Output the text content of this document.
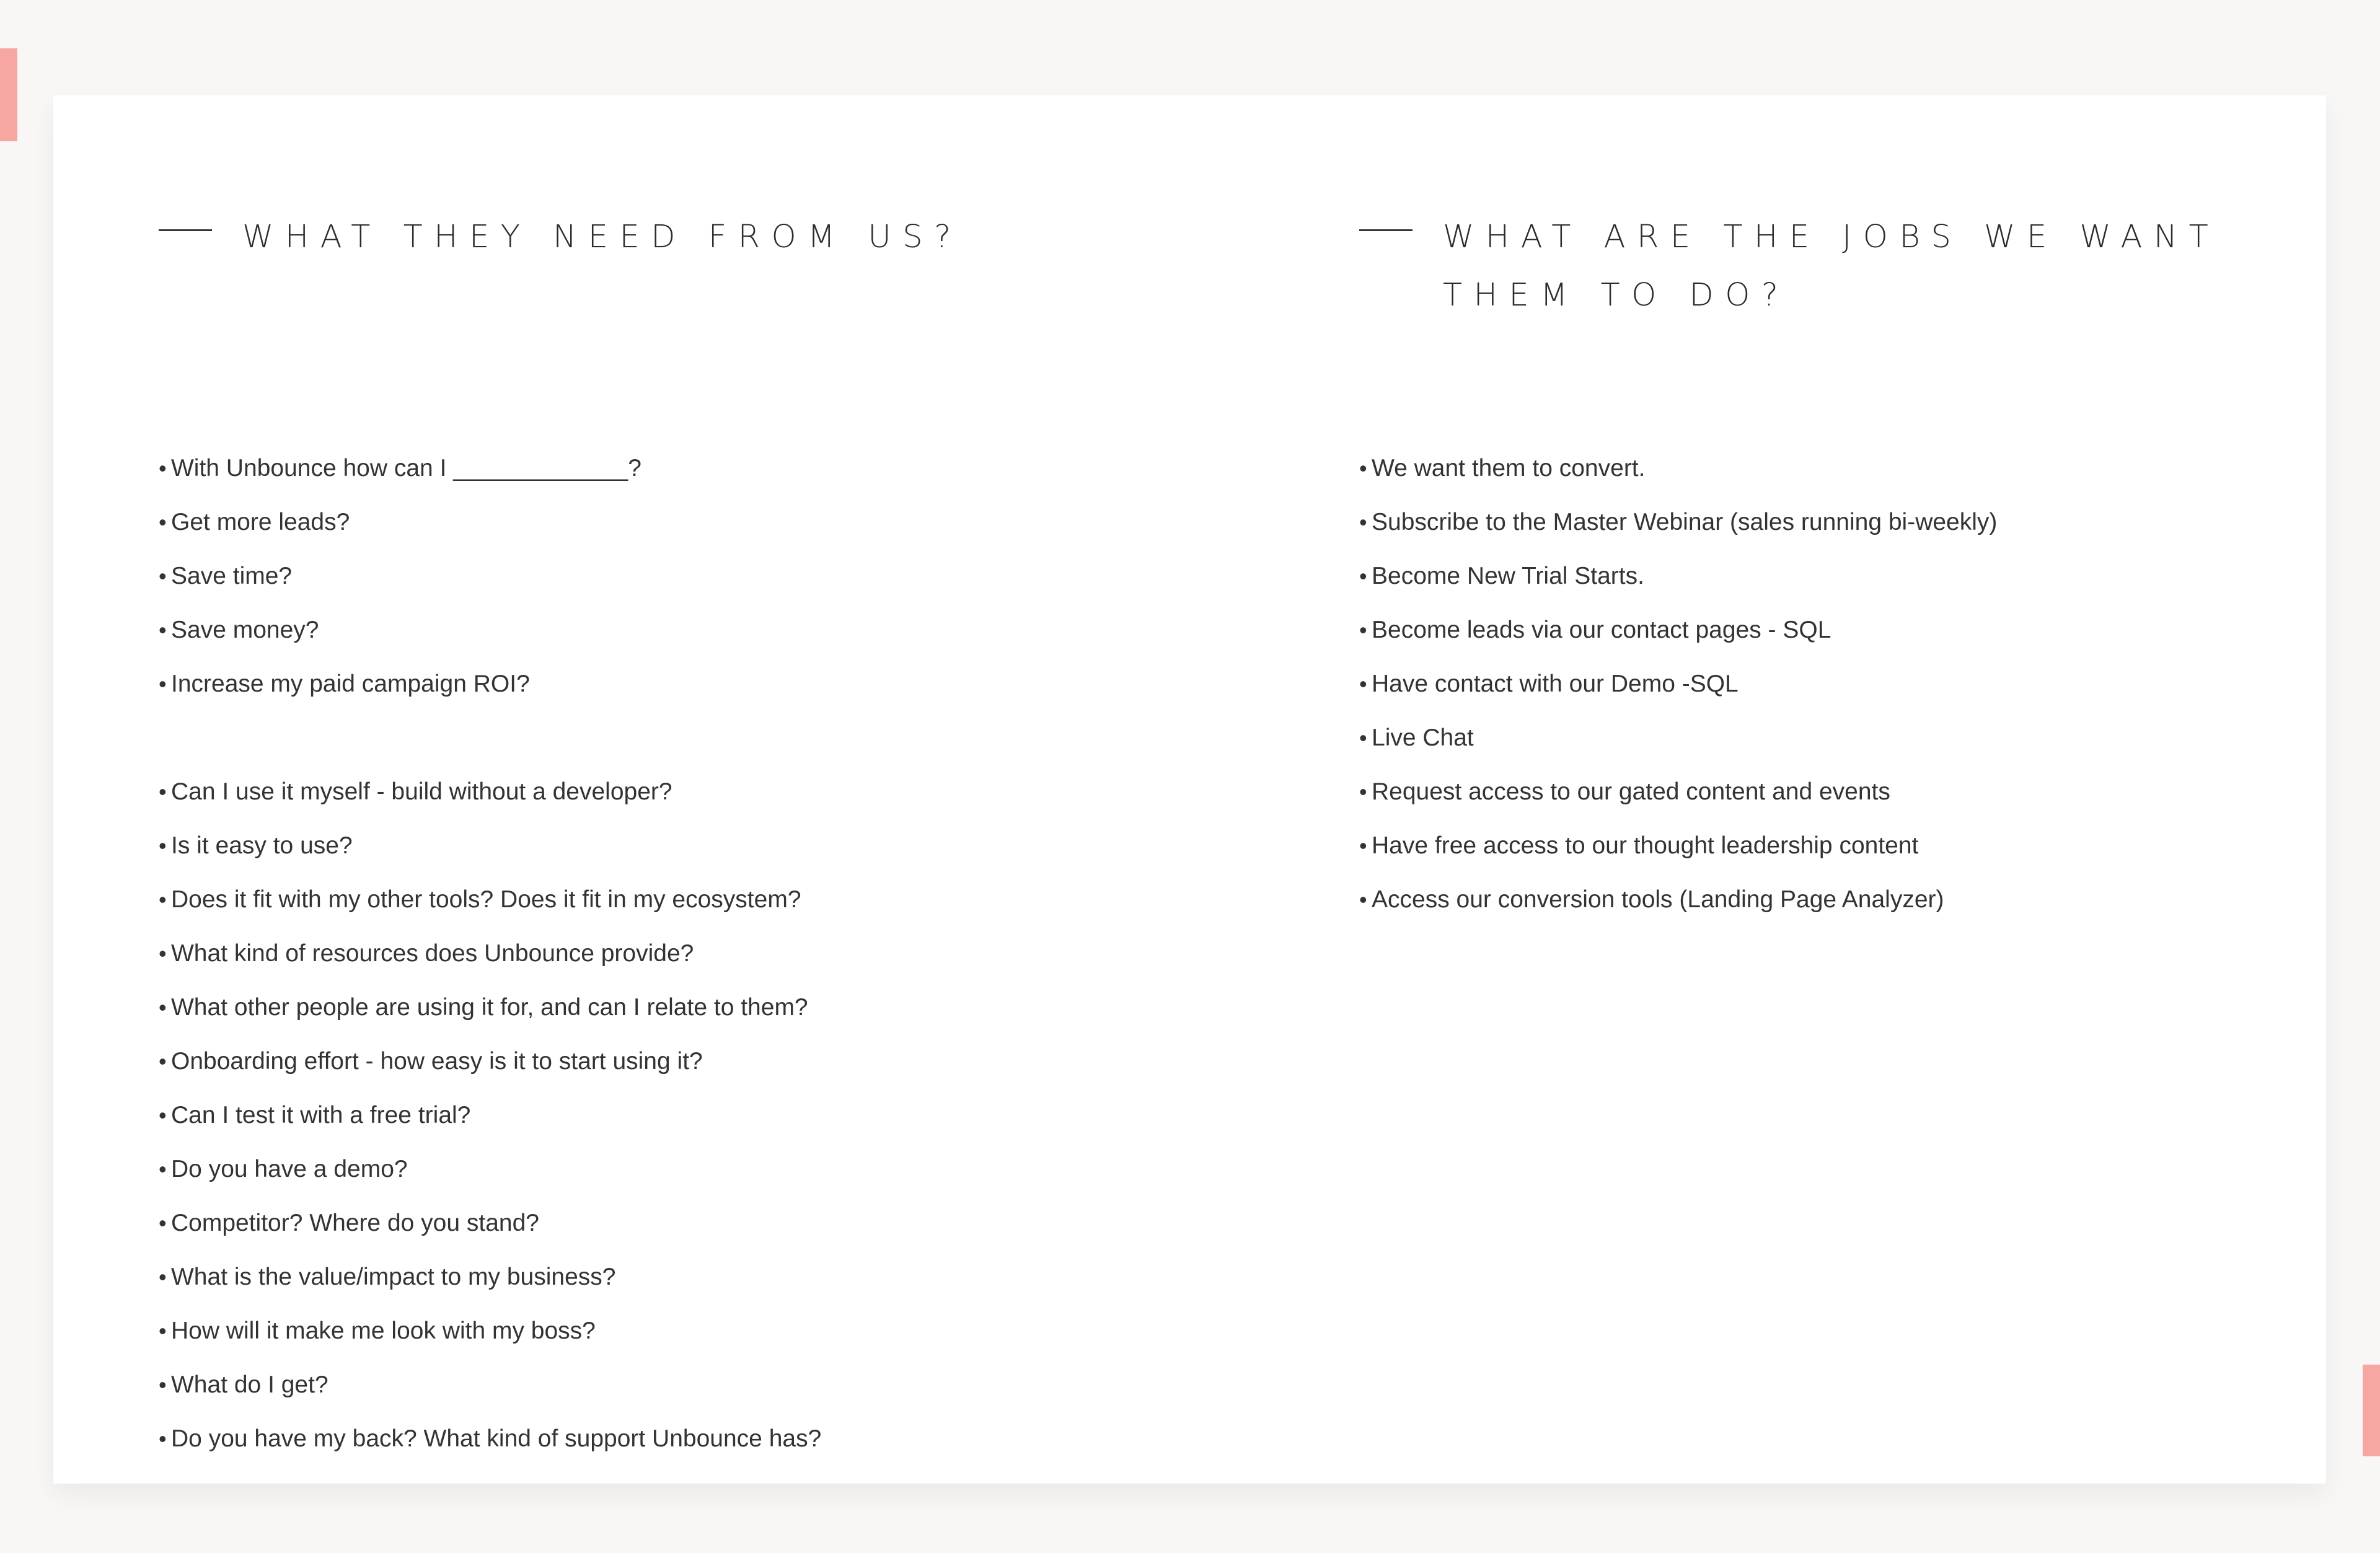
WHAT THEY NEED FROM US?
• With Unbounce how can I _____________?
• Get more leads?
• Save time?
• Save money?
• Increase my paid campaign ROI?
• Can I use it myself - build without a developer?
• Is it easy to use?
• Does it fit with my other tools? Does it fit in my ecosystem?
• What kind of resources does Unbounce provide?
• What other people are using it for, and can I relate to them?
• Onboarding effort - how easy is it to start using it?
• Can I test it with a free trial?
• Do you have a demo?
• Competitor? Where do you stand?
• What is the value/impact to my business?
• How will it make me look with my boss?
• What do I get?
• Do you have my back? What kind of support Unbounce has?
WHAT ARE THE JOBS WE WANT THEM TO DO?
• We want them to convert.
• Subscribe to the Master Webinar (sales running bi-weekly)
• Become New Trial Starts.
• Become leads via our contact pages - SQL
• Have contact with our Demo -SQL
• Live Chat
• Request access to our gated content and events
• Have free access to our thought leadership content
• Access our conversion tools (Landing Page Analyzer)
